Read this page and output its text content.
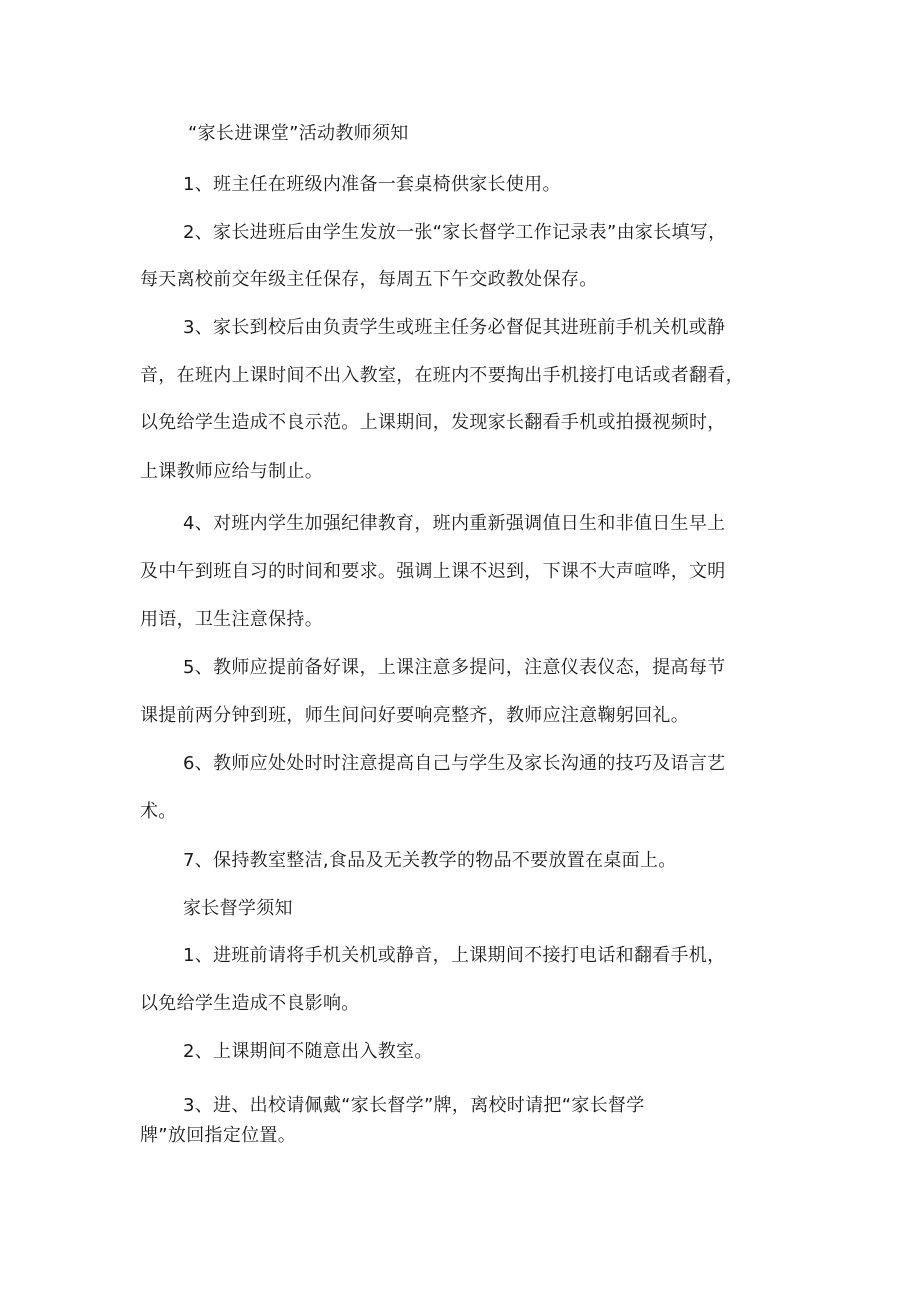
“家长进课堂”活动教师须知
1、班主任在班级内准备一套桌椅供家长使用。
2、家长进班后由学生发放一张“家长督学工作记录表”由家长填写，
每天离校前交年级主任保存，每周五下午交政教处保存。
3、家长到校后由负责学生或班主任务必督促其进班前手机关机或静
音，在班内上课时间不出入教室，在班内不要掏出手机接打电话或者翻看，
以免给学生造成不良示范。上课期间，发现家长翻看手机或拍摄视频时，
上课教师应给与制止。
4、对班内学生加强纪律教育，班内重新强调值日生和非值日生早上
及中午到班自习的时间和要求。强调上课不迟到，下课不大声喧哗，文明
用语，卫生注意保持。
5、教师应提前备好课，上课注意多提问，注意仪表仪态，提高每节
课提前两分钟到班，师生间问好要响亮整齐，教师应注意鞠躬回礼。
6、教师应处处时时注意提高自己与学生及家长沟通的技巧及语言艺
术。
7、保持教室整洁,食品及无关教学的物品不要放置在桌面上。
家长督学须知
1、进班前请将手机关机或静音，上课期间不接打电话和翻看手机，
以免给学生造成不良影响。
2、上课期间不随意出入教室。
3、进、出校请佩戴“家长督学”牌，离校时请把“家长督学
牌”放回指定位置。
